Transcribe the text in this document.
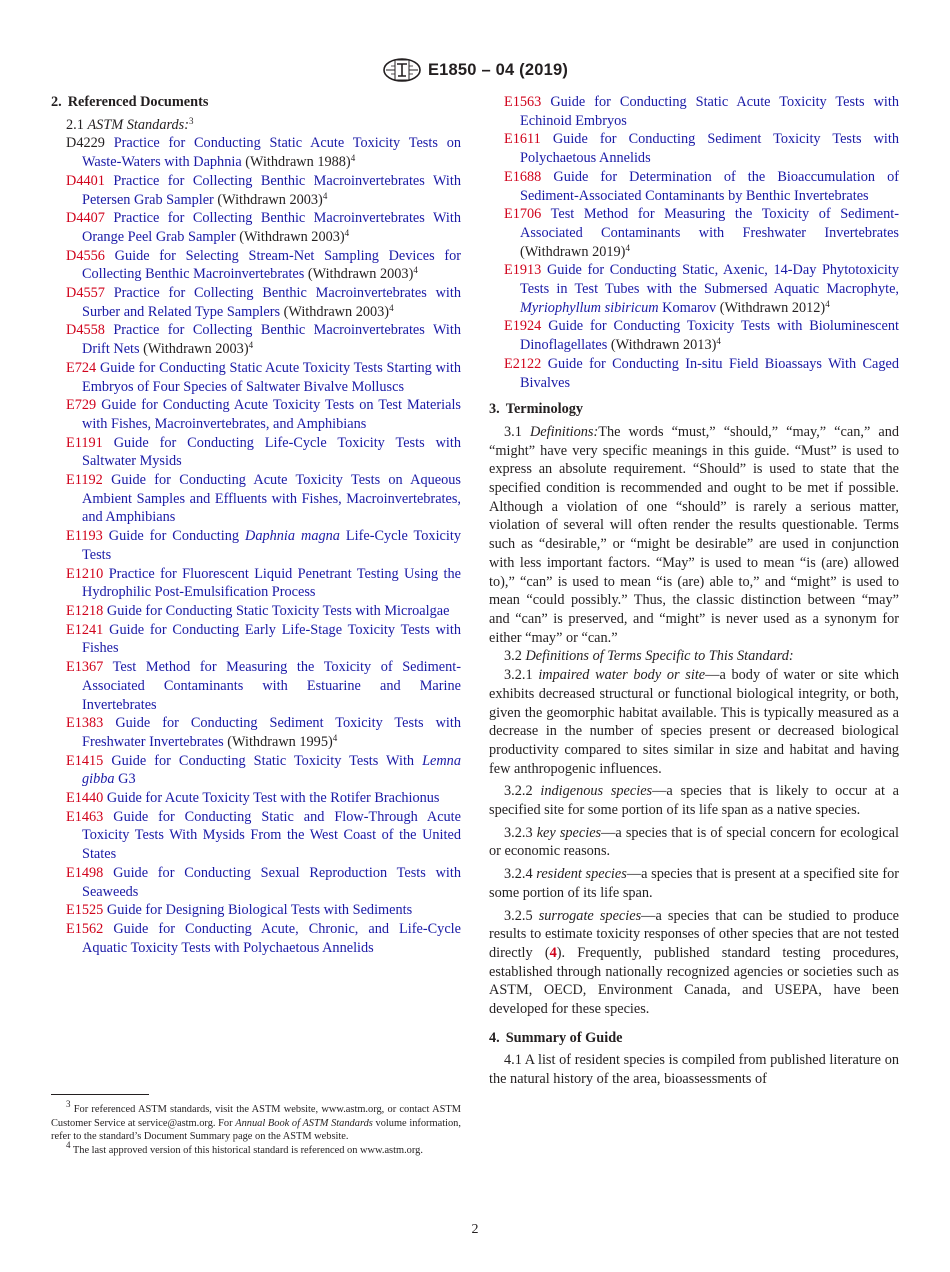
E1850 – 04 (2019)
2. Referenced Documents
2.1 ASTM Standards:$^3$

D4229 Practice for Conducting Static Acute Toxicity Tests on Waste-Waters with Daphnia (Withdrawn 1988)$^4$

D4401 Practice for Collecting Benthic Macroinvertebrates With Petersen Grab Sampler (Withdrawn 2003)$^4$

D4407 Practice for Collecting Benthic Macroinvertebrates With Orange Peel Grab Sampler (Withdrawn 2003)$^4$

D4556 Guide for Selecting Stream-Net Sampling Devices for Collecting Benthic Macroinvertebrates (Withdrawn 2003)$^4$

D4557 Practice for Collecting Benthic Macroinvertebrates with Surber and Related Type Samplers (Withdrawn 2003)$^4$

D4558 Practice for Collecting Benthic Macroinvertebrates With Drift Nets (Withdrawn 2003)$^4$

E724 Guide for Conducting Static Acute Toxicity Tests Starting with Embryos of Four Species of Saltwater Bivalve Molluscs

E729 Guide for Conducting Acute Toxicity Tests on Test Materials with Fishes, Macroinvertebrates, and Amphibians

E1191 Guide for Conducting Life-Cycle Toxicity Tests with Saltwater Mysids

E1192 Guide for Conducting Acute Toxicity Tests on Aqueous Ambient Samples and Effluents with Fishes, Macroinvertebrates, and Amphibians

E1193 Guide for Conducting Daphnia magna Life-Cycle Toxicity Tests

E1210 Practice for Fluorescent Liquid Penetrant Testing Using the Hydrophilic Post-Emulsification Process

E1218 Guide for Conducting Static Toxicity Tests with Microalgae

E1241 Guide for Conducting Early Life-Stage Toxicity Tests with Fishes

E1367 Test Method for Measuring the Toxicity of Sediment-Associated Contaminants with Estuarine and Marine Invertebrates

E1383 Guide for Conducting Sediment Toxicity Tests with Freshwater Invertebrates (Withdrawn 1995)$^4$

E1415 Guide for Conducting Static Toxicity Tests With Lemna gibba G3

E1440 Guide for Acute Toxicity Test with the Rotifer Brachionus

E1463 Guide for Conducting Static and Flow-Through Acute Toxicity Tests With Mysids From the West Coast of the United States

E1498 Guide for Conducting Sexual Reproduction Tests with Seaweeds

E1525 Guide for Designing Biological Tests with Sediments

E1562 Guide for Conducting Acute, Chronic, and Life-Cycle Aquatic Toxicity Tests with Polychaetous Annelids

E1563 Guide for Conducting Static Acute Toxicity Tests with Echinoid Embryos

E1611 Guide for Conducting Sediment Toxicity Tests with Polychaetous Annelids

E1688 Guide for Determination of the Bioaccumulation of Sediment-Associated Contaminants by Benthic Invertebrates

E1706 Test Method for Measuring the Toxicity of Sediment-Associated Contaminants with Freshwater Invertebrates (Withdrawn 2019)$^4$

E1913 Guide for Conducting Static, Axenic, 14-Day Phytotoxicity Tests in Test Tubes with the Submersed Aquatic Macrophyte, Myriophyllum sibiricum Komarov (Withdrawn 2012)$^4$

E1924 Guide for Conducting Toxicity Tests with Bioluminescent Dinoflagellates (Withdrawn 2013)$^4$

E2122 Guide for Conducting In-situ Field Bioassays With Caged Bivalves

3. Terminology

3.1 Definitions:The words “must,” “should,” “may,” “can,” and “might” have very specific meanings in this guide. “Must” is used to express an absolute requirement. “Should” is used to state that the specified condition is recommended and ought to be met if possible. Although a violation of one “should” is rarely a serious matter, violation of several will often render the results questionable. Terms such as “desirable,” or “might be desirable” are used in conjunction with less important factors. “May” is used to mean “is (are) allowed to),” “can” is used to mean “is (are) able to,” and “might” is used to mean “could possibly.” Thus, the classic distinction between “may” and “can” is preserved, and “might” is never used as a synonym for either “may” or “can.”

3.2 Definitions of Terms Specific to This Standard:

3.2.1 impaired water body or site—a body of water or site which exhibits decreased structural or functional biological integrity, or both, given the geomorphic habitat available. This is typically measured as a decrease in the number of species present or decreased biological productivity compared to sites similar in size and habitat and having few anthropogenic influences.

3.2.2 indigenous species—a species that is likely to occur at a specified site for some portion of its life span as a native species.

3.2.3 key species—a species that is of special concern for ecological or economic reasons.

3.2.4 resident species—a species that is present at a specified site for some portion of its life span.

3.2.5 surrogate species—a species that can be studied to produce results to estimate toxicity responses of other species that are not tested directly (4). Frequently, published standard testing procedures, established through nationally recognized agencies or societies such as ASTM, OECD, Environment Canada, and USEPA, have been developed for these species.

4. Summary of Guide

4.1 A list of resident species is compiled from published literature on the natural history of the area, bioassessments of

$^3$ For referenced ASTM standards, visit the ASTM website, www.astm.org, or contact ASTM Customer Service at service@astm.org. For Annual Book of ASTM Standards volume information, refer to the standard’s Document Summary page on the ASTM website.

$^4$ The last approved version of this historical standard is referenced on www.astm.org.

2
